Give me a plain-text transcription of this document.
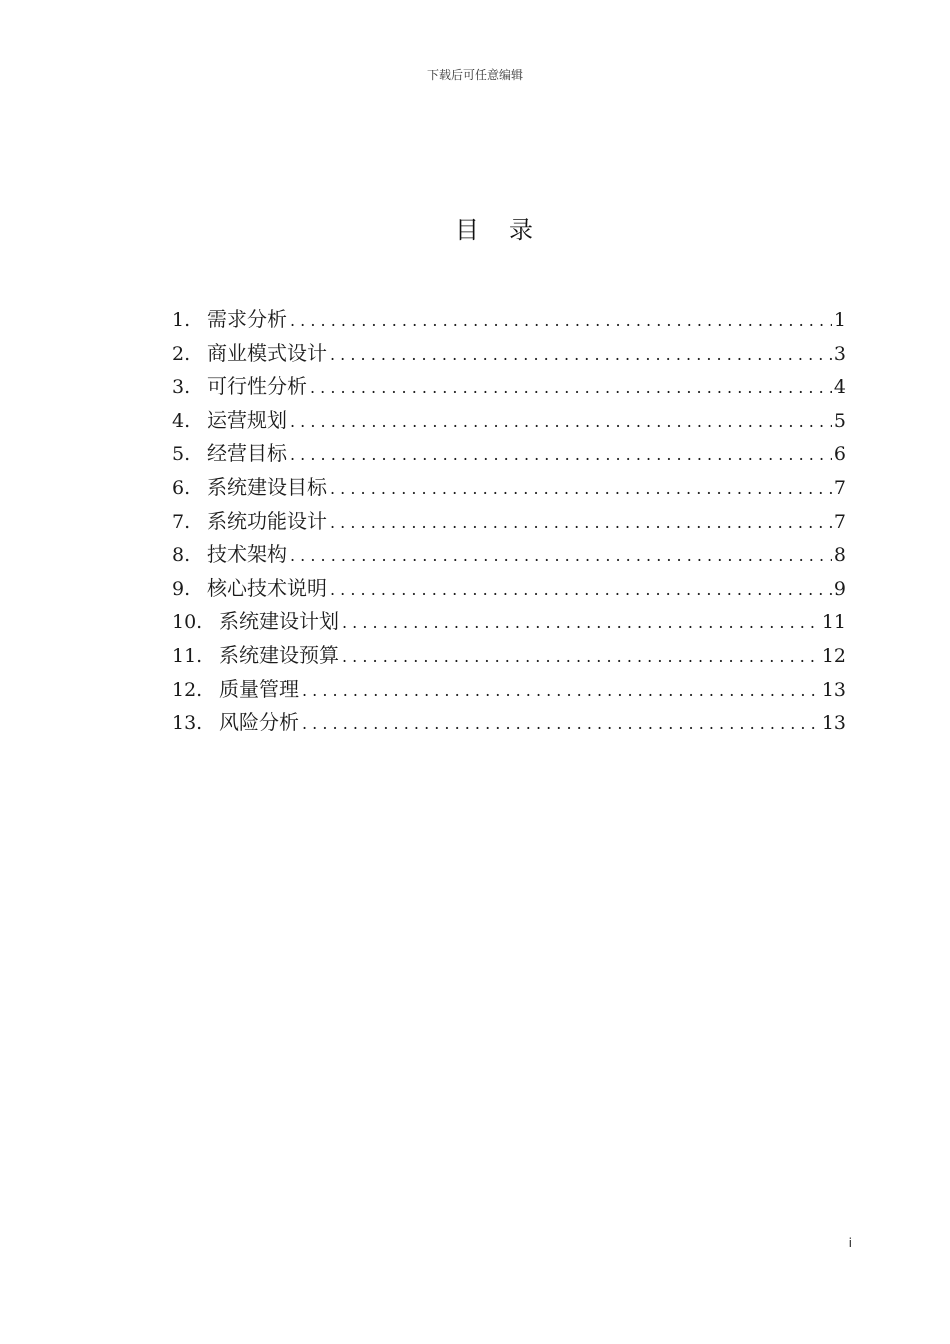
下载后可任意编辑
目录
1. 需求分析 . . .	1
2. 商业模式设计 . . .	3
3. 可行性分析 . . .	4
4. 运营规划 . . .	5
5. 经营目标 . . .	6
6. 系统建设目标 . . .	7
7. 系统功能设计 . . .	7
8. 技术架构 . . .	8
9. 核心技术说明 . . .	9
10. 系统建设计划 . . .	11
11. 系统建设预算 . . .	12
12. 质量管理 . . .	13
13. 风险分析 . . .	13
i
